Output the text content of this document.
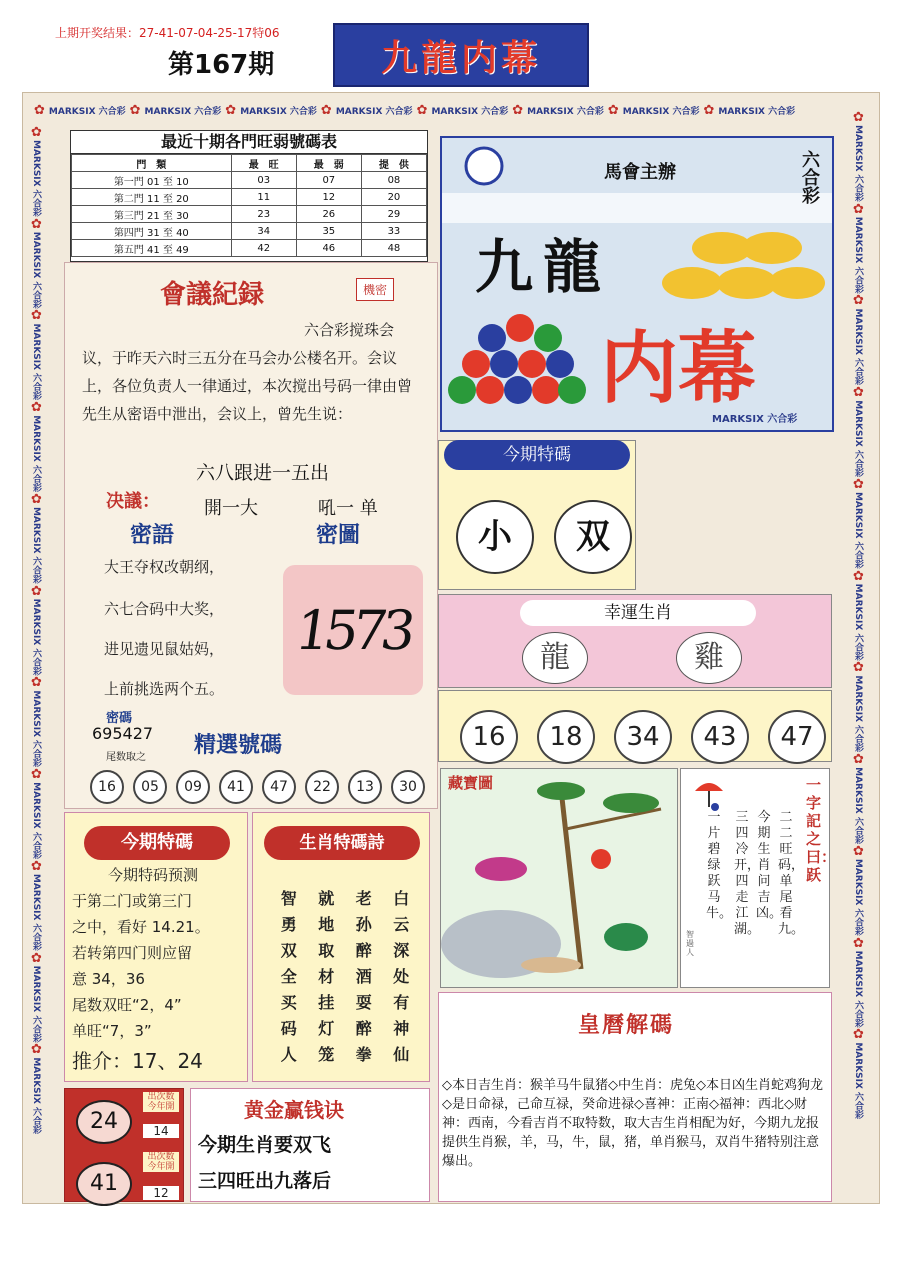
上期开奖结果：27-41-07-04-25-17特06
第167期	九龍内幕
✿ MARKSIX 六合彩 ✿ MARKSIX 六合彩 ✿ MARKSIX 六合彩 ✿ MARKSIX 六合彩 ✿ MARKSIX 六合彩 ✿ MARKSIX 六合彩 ✿ MARKSIX 六合彩 ✿ MARKSIX 六合彩
✿MARKSIX 六合彩✿MARKSIX 六合彩✿MARKSIX 六合彩✿MARKSIX 六合彩✿MARKSIX 六合彩✿MARKSIX 六合彩✿MARKSIX 六合彩✿MARKSIX 六合彩✿MARKSIX 六合彩✿MARKSIX 六合彩✿MARKSIX 六合彩
✿MARKSIX 六合彩✿MARKSIX 六合彩✿MARKSIX 六合彩✿MARKSIX 六合彩✿MARKSIX 六合彩✿MARKSIX 六合彩✿MARKSIX 六合彩✿MARKSIX 六合彩✿MARKSIX 六合彩✿MARKSIX 六合彩✿MARKSIX 六合彩
最近十期各門旺弱號碼表
門　類	最　旺	最　弱	提　供
第一門 01 至 10	03	07	08
第二門 11 至 20	11	12	20
第三門 21 至 30	23	26	29
第四門 31 至 40	34	35	33
第五門 41 至 49	42	46	48
會議紀録	機密
六合彩搅珠会
议，于昨天六时三五分在马会办公楼名开。会议上，各位负责人一律通过，本次搅出号码一律由曾先生从密语中泄出，会议上，曾先生说：
六八跟进一五出
决議： 開一大	吼一 单
密語	密圖
大王夺权改朝纲，
六七合码中大奖，
进见遗见鼠姑妈，
上前挑选两个五。
1573
密碼
695427
尾数取之 精選號碼
16	05	09	41	47	22	13	30
今期特碼
今期特码预测
于第二门或第三门
之中，看好 14.21。
若转第四门则应留
意 34，36
尾数双旺“2，4”
单旺“7，3”
推介：17、24
生肖特碼詩
智	就	老	白
勇	地	孙	云
双	取	醉	深
全	材	酒	处
买	挂	耍	有
码	灯	醉	神
人	笼	拳	仙
24
41
出次数 今年開
14
出次数 今年開
12
黄金赢钱诀
今期生肖要双飞
三四旺出九落后
馬會主辦	六合彩
九龍
内幕
MARKSIX 六合彩
今期特碼
小	双
幸運生肖
龍	雞
16	18	34	43	47
藏寶圖	一字記之曰：跃
二二旺码，单尾看九。
今期生肖问吉凶。
三四冷开，四走江湖。
一片碧绿跃马牛。
智過人
皇曆解碼
◇本日吉生肖：猴羊马牛鼠猪◇中生肖：虎兔◇本日凶生肖蛇鸡狗龙◇是日命禄，己命互禄，癸命进禄◇喜神：正南◇福神：西北◇财神：西南，今看吉肖不取特数，取大吉生肖相配为好，今期九龙报提供生肖猴，羊，马，牛，鼠，猪，单肖猴马，双肖牛猪特别注意爆出。
